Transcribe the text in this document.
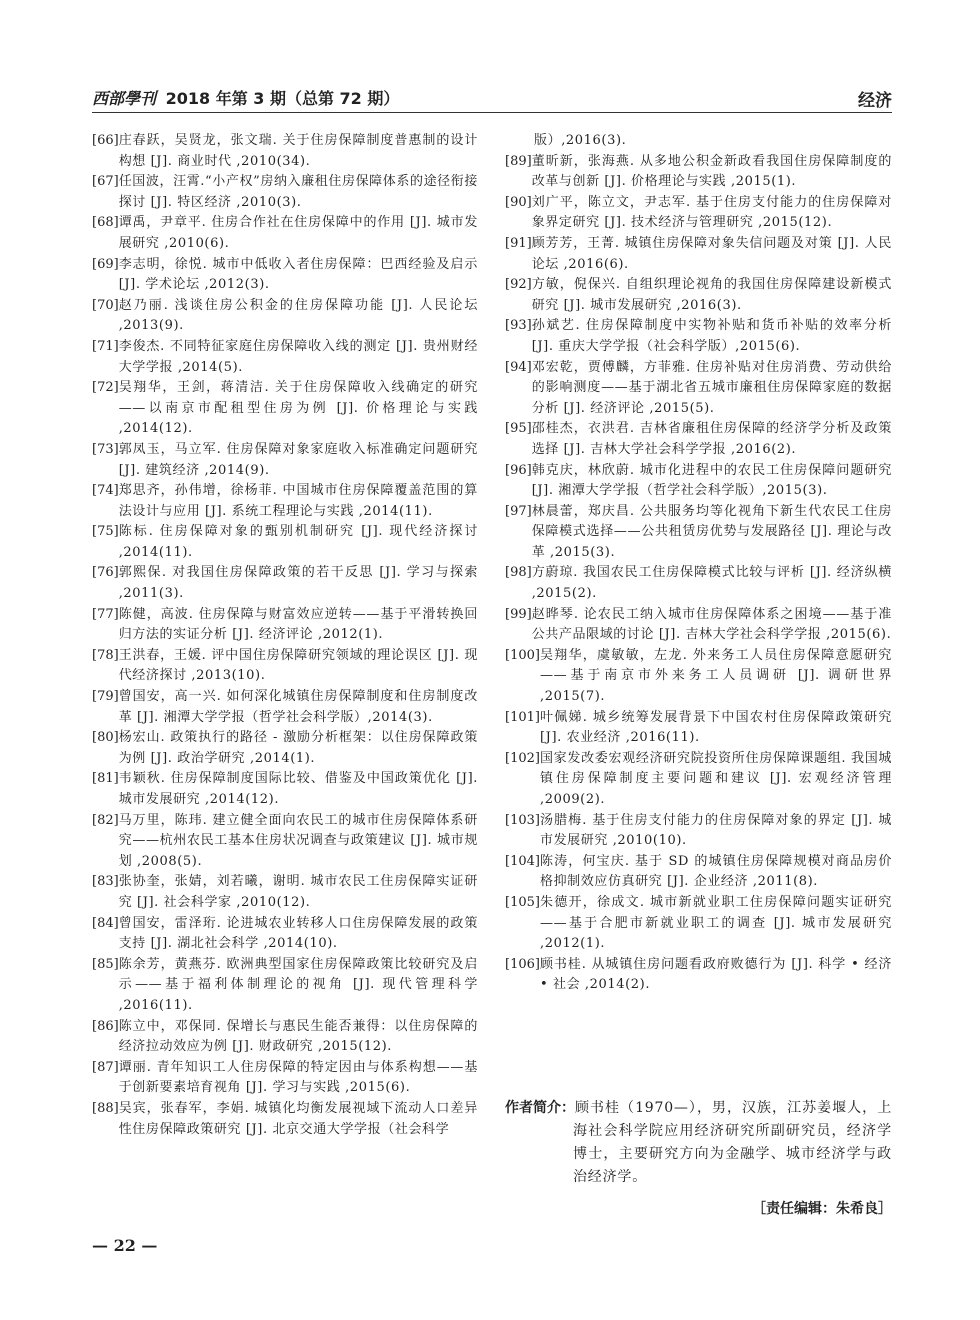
西部學刊 2018 年第 3 期（总第 72 期）	经济
[66] 庄春跃，吴贤龙，张文瑞. 关于住房保障制度普惠制的设计构想 [J]. 商业时代 ,2010(34).
[67] 任国波，汪霄.“小产权”房纳入廉租住房保障体系的途径衔接探讨 [J]. 特区经济 ,2010(3).
[68] 谭禹，尹章平. 住房合作社在住房保障中的作用 [J]. 城市发展研究 ,2010(6).
[69] 李志明，徐悦. 城市中低收入者住房保障：巴西经验及启示 [J]. 学术论坛 ,2012(3).
[70] 赵乃丽. 浅谈住房公积金的住房保障功能 [J]. 人民论坛 ,2013(9).
[71] 李俊杰. 不同特征家庭住房保障收入线的测定 [J]. 贵州财经大学学报 ,2014(5).
[72] 吴翔华，王剑，蒋清洁. 关于住房保障收入线确定的研究——以南京市配租型住房为例 [J]. 价格理论与实践 ,2014(12).
[73] 郭凤玉，马立军. 住房保障对象家庭收入标准确定问题研究 [J]. 建筑经济 ,2014(9).
[74] 郑思齐，孙伟增，徐杨菲. 中国城市住房保障覆盖范围的算法设计与应用 [J]. 系统工程理论与实践 ,2014(11).
[75] 陈标. 住房保障对象的甄别机制研究 [J]. 现代经济探讨 ,2014(11).
[76] 郭熙保. 对我国住房保障政策的若干反思 [J]. 学习与探索 ,2011(3).
[77] 陈健，高波. 住房保障与财富效应逆转——基于平滑转换回归方法的实证分析 [J]. 经济评论 ,2012(1).
[78] 王洪春，王媛. 评中国住房保障研究领域的理论误区 [J]. 现代经济探讨 ,2013(10).
[79] 曾国安，高一兴. 如何深化城镇住房保障制度和住房制度改革 [J]. 湘潭大学学报（哲学社会科学版）,2014(3).
[80] 杨宏山. 政策执行的路径 - 激励分析框架：以住房保障政策为例 [J]. 政治学研究 ,2014(1).
[81] 韦颖秋. 住房保障制度国际比较、借鉴及中国政策优化 [J]. 城市发展研究 ,2014(12).
[82] 马万里，陈玮. 建立健全面向农民工的城市住房保障体系研究——杭州农民工基本住房状况调查与政策建议 [J]. 城市规划 ,2008(5).
[83] 张协奎，张婧，刘若曦，谢明. 城市农民工住房保障实证研究 [J]. 社会科学家 ,2010(12).
[84] 曾国安，雷泽珩. 论进城农业转移人口住房保障发展的政策支持 [J]. 湖北社会科学 ,2014(10).
[85] 陈余芳，黄燕芬. 欧洲典型国家住房保障政策比较研究及启示——基于福利体制理论的视角 [J]. 现代管理科学 ,2016(11).
[86] 陈立中，邓保同. 保增长与惠民生能否兼得：以住房保障的经济拉动效应为例 [J]. 财政研究 ,2015(12).
[87] 谭丽. 青年知识工人住房保障的特定因由与体系构想——基于创新要素培育视角 [J]. 学习与实践 ,2015(6).
[88] 吴宾，张春军，李娟. 城镇化均衡发展视域下流动人口差异性住房保障政策研究 [J]. 北京交通大学学报（社会科学
版）,2016(3).
[89] 董昕新，张海燕. 从多地公积金新政看我国住房保障制度的改革与创新 [J]. 价格理论与实践 ,2015(1).
[90] 刘广平，陈立文，尹志军. 基于住房支付能力的住房保障对象界定研究 [J]. 技术经济与管理研究 ,2015(12).
[91] 顾芳芳，王菁. 城镇住房保障对象失信问题及对策 [J]. 人民论坛 ,2016(6).
[92] 方敏，倪保兴. 自组织理论视角的我国住房保障建设新模式研究 [J]. 城市发展研究 ,2016(3).
[93] 孙斌艺. 住房保障制度中实物补贴和货币补贴的效率分析 [J]. 重庆大学学报（社会科学版）,2015(6).
[94] 邓宏乾，贾傅麟，方菲雅. 住房补贴对住房消费、劳动供给的影响测度——基于湖北省五城市廉租住房保障家庭的数据分析 [J]. 经济评论 ,2015(5).
[95] 邵桂杰，衣洪君. 吉林省廉租住房保障的经济学分析及政策选择 [J]. 吉林大学社会科学学报 ,2016(2).
[96] 韩克庆，林欣蔚. 城市化进程中的农民工住房保障问题研究 [J]. 湘潭大学学报（哲学社会科学版）,2015(3).
[97] 林晨蕾，郑庆昌. 公共服务均等化视角下新生代农民工住房保障模式选择——公共租赁房优势与发展路径 [J]. 理论与改革 ,2015(3).
[98] 方蔚琼. 我国农民工住房保障模式比较与评析 [J]. 经济纵横 ,2015(2).
[99] 赵晔琴. 论农民工纳入城市住房保障体系之困境——基于准公共产品限域的讨论 [J]. 吉林大学社会科学学报 ,2015(6).
[100] 吴翔华，虞敏敏，左龙. 外来务工人员住房保障意愿研究——基于南京市外来务工人员调研 [J]. 调研世界 ,2015(7).
[101] 叶佩娣. 城乡统筹发展背景下中国农村住房保障政策研究 [J]. 农业经济 ,2016(11).
[102] 国家发改委宏观经济研究院投资所住房保障课题组. 我国城镇住房保障制度主要问题和建议 [J]. 宏观经济管理 ,2009(2).
[103] 汤腊梅. 基于住房支付能力的住房保障对象的界定 [J]. 城市发展研究 ,2010(10).
[104] 陈涛，何宝庆. 基于 SD 的城镇住房保障规模对商品房价格抑制效应仿真研究 [J]. 企业经济 ,2011(8).
[105] 朱德开，徐成文. 城市新就业职工住房保障问题实证研究——基于合肥市新就业职工的调查 [J]. 城市发展研究 ,2012(1).
[106] 顾书桂. 从城镇住房问题看政府败德行为 [J]. 科学 • 经济 • 社会 ,2014(2).
作者简介： 顾书桂（1970—），男，汉族，江苏姜堰人，上海社会科学院应用经济研究所副研究员，经济学博士，主要研究方向为金融学、城市经济学与政治经济学。
［责任编辑：朱希良］
— 22 —
